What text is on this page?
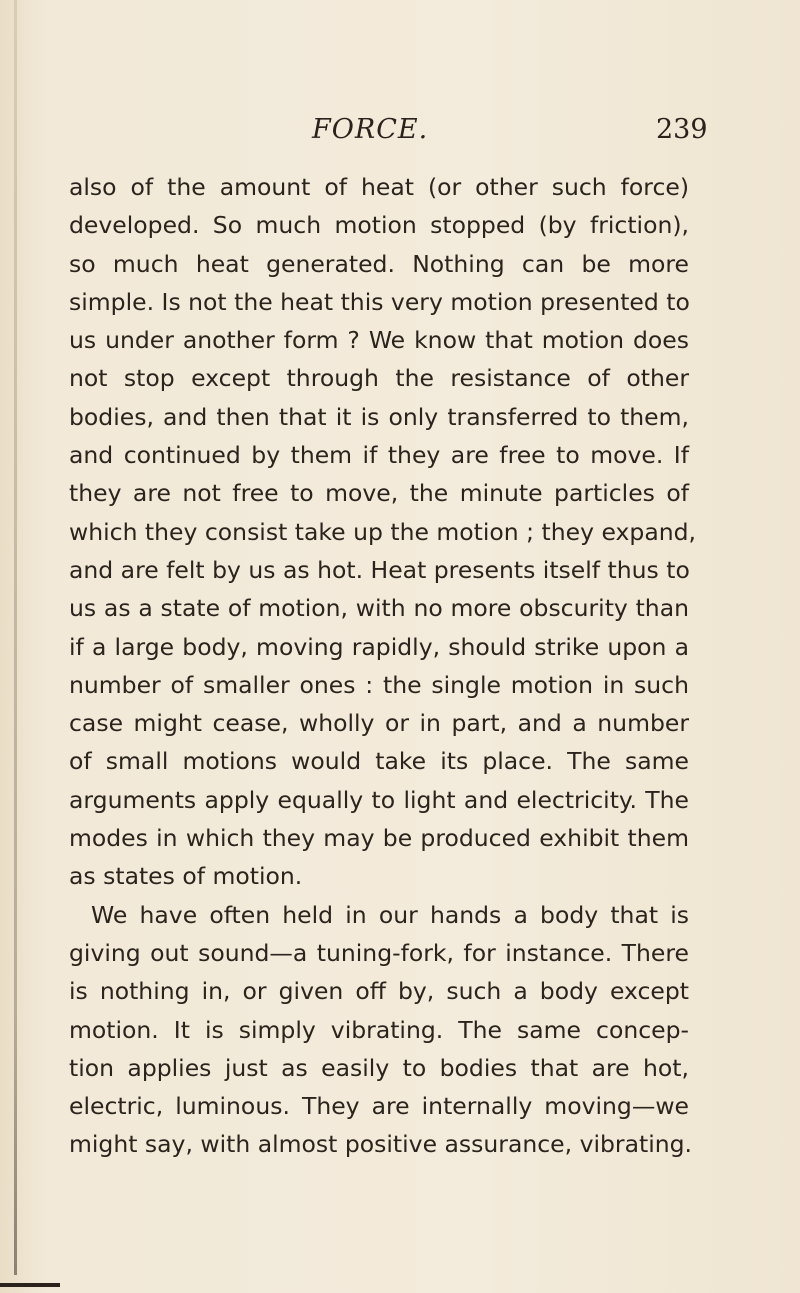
FORCE.	239
also of the amount of heat (or other such force)
developed. So much motion stopped (by friction),
so much heat generated. Nothing can be more
simple. Is not the heat this very motion presented to
us under another form ? We know that motion does
not stop except through the resistance of other
bodies, and then that it is only transferred to them,
and continued by them if they are free to move. If
they are not free to move, the minute particles of
which they consist take up the motion ; they expand,
and are felt by us as hot. Heat presents itself thus to
us as a state of motion, with no more obscurity than
if a large body, moving rapidly, should strike upon a
number of smaller ones : the single motion in such
case might cease, wholly or in part, and a number
of small motions would take its place. The same
arguments apply equally to light and electricity. The
modes in which they may be produced exhibit them
as states of motion.
We have often held in our hands a body that is
giving out sound—a tuning-fork, for instance. There
is nothing in, or given off by, such a body except
motion. It is simply vibrating. The same concep-
tion applies just as easily to bodies that are hot,
electric, luminous. They are internally moving—we
might say, with almost positive assurance, vibrating.
